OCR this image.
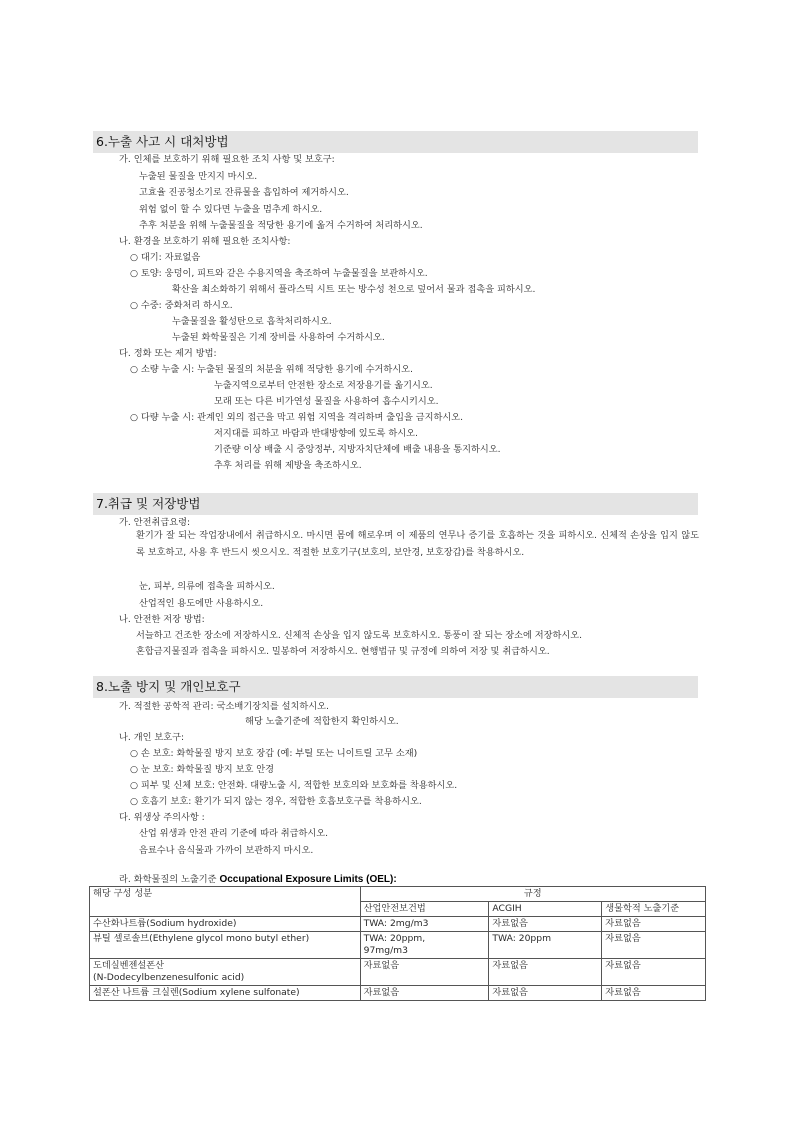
6.누출 사고 시 대처방법
가. 인체를 보호하기 위해 필요한 조치 사항 및 보호구:
누출된 물질을 만지지 마시오.
고효율 진공청소기로 잔류물을 흡입하여 제거하시오.
위험 없이 할 수 있다면 누출을 멈추게 하시오.
추후 처분을 위해 누출물질을 적당한 용기에 옮겨 수거하여 처리하시오.
나. 환경을 보호하기 위해 필요한 조치사항:
○ 대기: 자료없음
○ 토양: 웅덩이, 피트와 같은 수용지역을 축조하여 누출물질을 보관하시오.
확산을 최소화하기 위해서 플라스틱 시트 또는 방수성 천으로 덮어서 물과 접촉을 피하시오.
○ 수중: 중화처리 하시오.
누출물질을 활성탄으로 흡착처리하시오.
누출된 화학물질은 기계 장비를 사용하여 수거하시오.
다. 정화 또는 제거 방법:
○ 소량 누출 시: 누출된 물질의 처분을 위해 적당한 용기에 수거하시오.
누출지역으로부터 안전한 장소로 저장용기를 옮기시오.
모래 또는 다른 비가연성 물질을 사용하여 흡수시키시오.
○ 다량 누출 시: 관계인 외의 접근을 막고 위험 지역을 격리하며 출입을 금지하시오.
저지대를 피하고 바람과 반대방향에 있도록 하시오.
기준량 이상 배출 시 중앙정부, 지방자치단체에 배출 내용을 통지하시오.
추후 처리를 위해 제방을 축조하시오.
7.취급 및 저장방법
가. 안전취급요령:
환기가 잘 되는 작업장내에서 취급하시오. 마시면 몸에 해로우며 이 제품의 연무나 증기를 호흡하는 것을 피하시오. 신체적 손상을 입지 않도록 보호하고, 사용 후 반드시 씻으시오. 적절한 보호기구(보호의, 보안경, 보호장갑)를 착용하시오.
눈, 피부, 의류에 접촉을 피하시오.
산업적인 용도에만 사용하시오.
나. 안전한 저장 방법:
서늘하고 건조한 장소에 저장하시오. 신체적 손상을 입지 않도록 보호하시오. 통풍이 잘 되는 장소에 저장하시오.
혼합금지물질과 접촉을 피하시오. 밀봉하여 저장하시오. 현행법규 및 규정에 의하여 저장 및 취급하시오.
8.노출 방지 및 개인보호구
가. 적절한 공학적 관리: 국소배기장치를 설치하시오.
해당 노출기준에 적합한지 확인하시오.
나. 개인 보호구:
○ 손 보호: 화학물질 방지 보호 장갑 (예: 부틸 또는 니이트릴 고무 소재)
○ 눈 보호: 화학물질 방지 보호 안경
○ 피부 및 신체 보호: 안전화. 대량노출 시, 적합한 보호의와 보호화를 착용하시오.
○ 호흡기 보호: 환기가 되지 않는 경우, 적합한 호흡보호구를 착용하시오.
다. 위생상 주의사항 :
산업 위생과 안전 관리 기준에 따라 취급하시오.
음료수나 음식물과 가까이 보관하지 마시오.
라. 화학물질의 노출기준 Occupational Exposure Limits (OEL):
해당 구성 성분	규정		
	산업안전보건법	ACGIH	생물학적 노출기준
수산화나트륨(Sodium hydroxide)	TWA: 2mg/m3	자료없음	자료없음
뷰틸 셀로솔브(Ethylene glycol mono butyl ether)	TWA: 20ppm,
97mg/m3	TWA: 20ppm	자료없음
도데실벤젠설폰산
(N-Dodecylbenzenesulfonic acid)	자료없음	자료없음	자료없음
설폰산 나트륨 크실렌(Sodium xylene sulfonate)	자료없음	자료없음	자료없음
